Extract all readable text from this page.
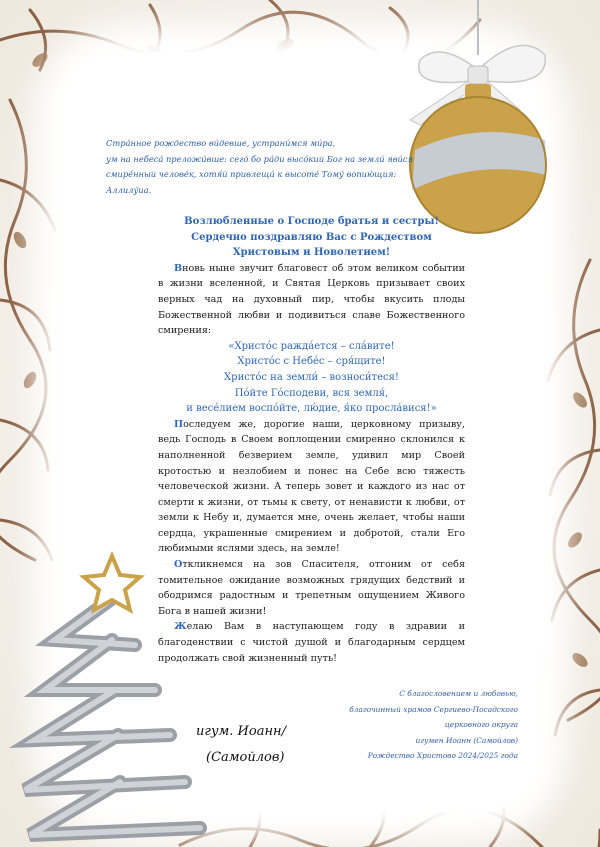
Стра́нное рождество ви́девше, устрани́мся ми́ра,
ум на небеса́ преложи́вше: сего́ бо ра́ди высо́кий Бог на земли́ яви́ся
смире́нный челове́к, хотя́й привлещи́ к высоте́ Тому́ вопию́щия:
Аллилу́иа.
Возлюбленные о Господе братья и сестры!
Сердечно поздравляю Вас с Рождеством
Христовым и Новолетием!
Вновь ныне звучит благовест об этом великом событии в жизни вселенной, и Святая Церковь призывает своих верных чад на духовный пир, чтобы вкусить плоды Божественной любви и подивиться славе Божественного смирения:
«Христо́с ражда́ется – сла́вите!
Христо́с с Небе́с – сря́щите!
Христо́с на земли́ – возноси́тeся!
По́йте Го́сподеви, вся земля́,
и весе́лием воспо́йте, лю́дие, я́ко просла́вися!»
Последуем же, дорогие наши, церковному призыву, ведь Господь в Своем воплощении смиренно склонился к наполненной безверием земле, удивил мир Своей кротостью и незлобием и понес на Себе всю тяжесть человеческой жизни. А теперь зовет и каждого из нас от смерти к жизни, от тьмы к свету, от ненависти к любви, от земли к Небу и, думается мне, очень желает, чтобы наши сердца, украшенные смирением и добротой, стали Его любимыми яслями здесь, на земле!
Откликнемся на зов Спасителя, отгоним от себя томительное ожидание возможных грядущих бедствий и ободримся радостным и трепетным ощущением Живого Бога в нашей жизни!
Желаю Вам в наступающем году в здравии и благоденствии с чистой душой и благодарным сердцем продолжать свой жизненный путь!
игум. Иоанн/
(Самойлов)
С благословением и любовью,
благочинный храмов Сергиево-Посадского
церковного округа
игумен Иоанн (Самойлов)
Рождество Христово 2024/2025 года
